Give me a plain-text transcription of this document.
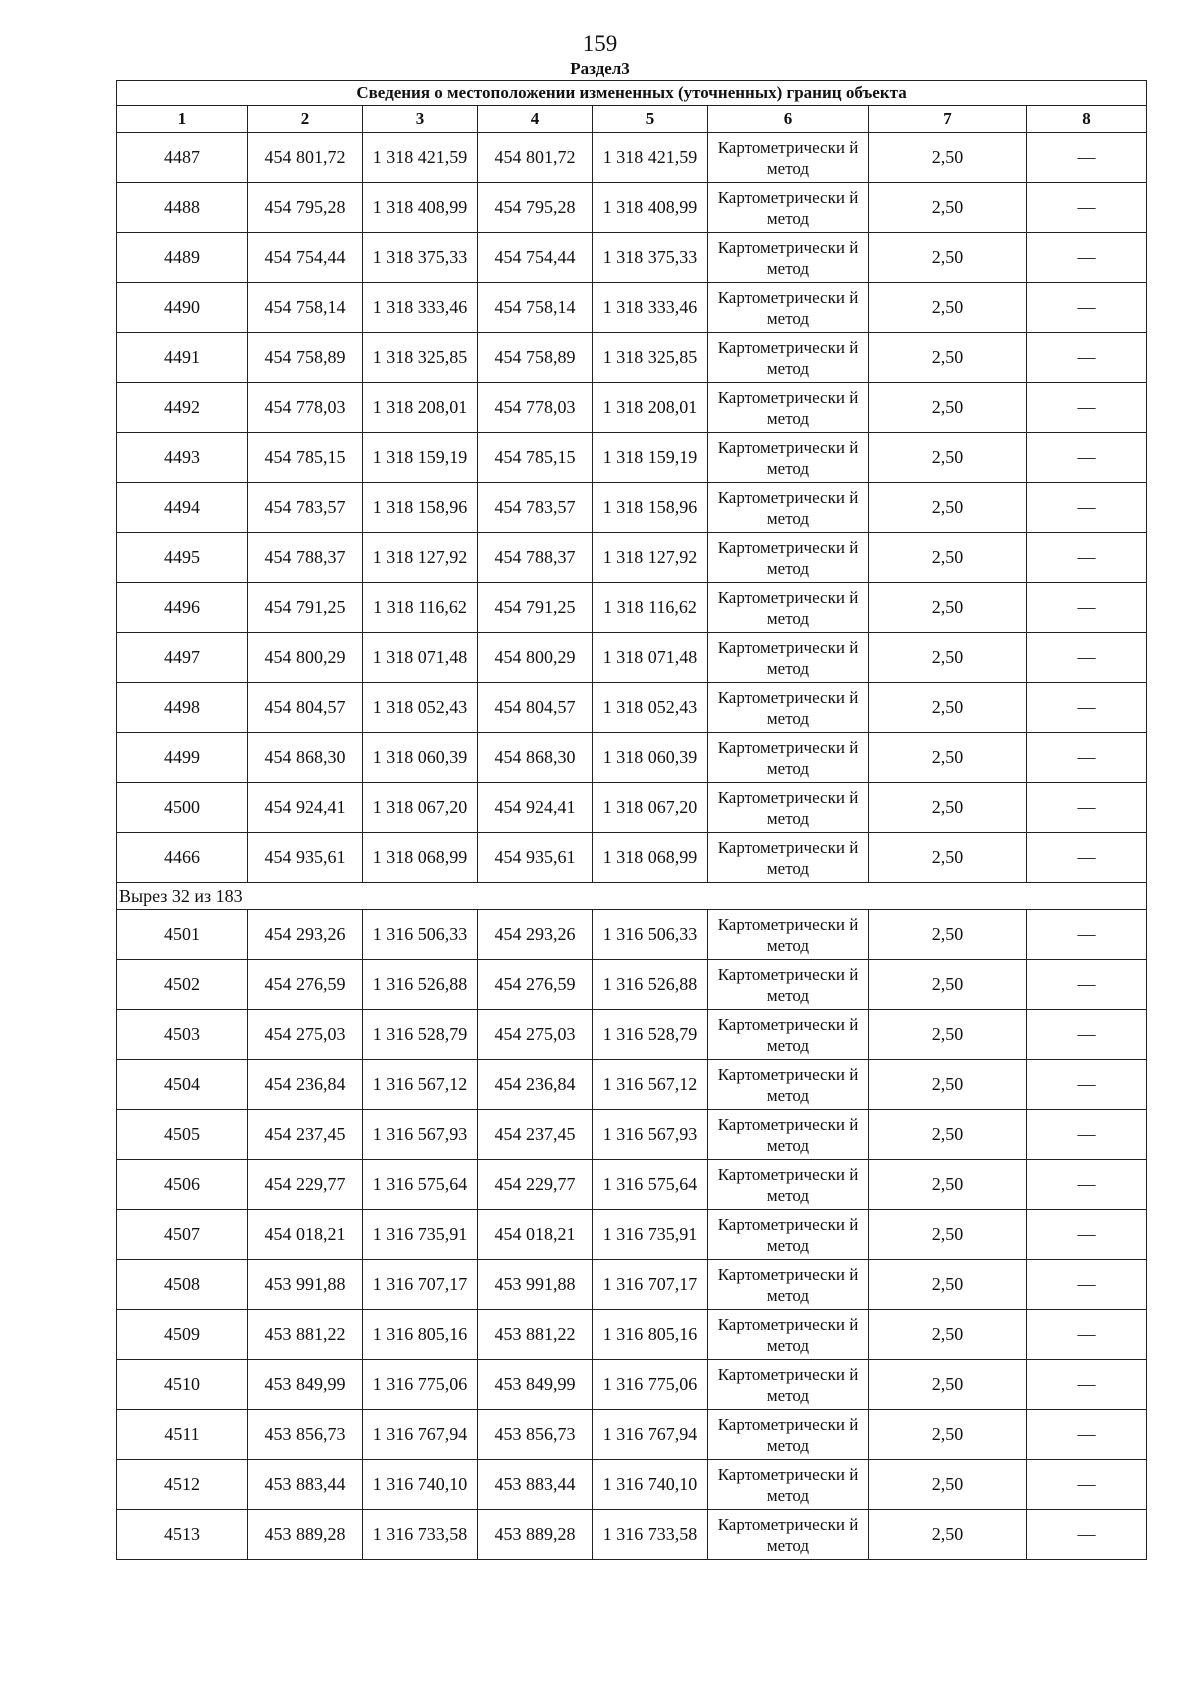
159
Раздел3
Сведения о местоположении измененных (уточненных) границ объекта							
1	2	3	4	5	6	7	8
4487	454 801,72	1 318 421,59	454 801,72	1 318 421,59	Картометрически й метод	2,50	—
4488	454 795,28	1 318 408,99	454 795,28	1 318 408,99	Картометрически й метод	2,50	—
4489	454 754,44	1 318 375,33	454 754,44	1 318 375,33	Картометрически й метод	2,50	—
4490	454 758,14	1 318 333,46	454 758,14	1 318 333,46	Картометрически й метод	2,50	—
4491	454 758,89	1 318 325,85	454 758,89	1 318 325,85	Картометрически й метод	2,50	—
4492	454 778,03	1 318 208,01	454 778,03	1 318 208,01	Картометрически й метод	2,50	—
4493	454 785,15	1 318 159,19	454 785,15	1 318 159,19	Картометрически й метод	2,50	—
4494	454 783,57	1 318 158,96	454 783,57	1 318 158,96	Картометрически й метод	2,50	—
4495	454 788,37	1 318 127,92	454 788,37	1 318 127,92	Картометрически й метод	2,50	—
4496	454 791,25	1 318 116,62	454 791,25	1 318 116,62	Картометрически й метод	2,50	—
4497	454 800,29	1 318 071,48	454 800,29	1 318 071,48	Картометрически й метод	2,50	—
4498	454 804,57	1 318 052,43	454 804,57	1 318 052,43	Картометрически й метод	2,50	—
4499	454 868,30	1 318 060,39	454 868,30	1 318 060,39	Картометрически й метод	2,50	—
4500	454 924,41	1 318 067,20	454 924,41	1 318 067,20	Картометрически й метод	2,50	—
4466	454 935,61	1 318 068,99	454 935,61	1 318 068,99	Картометрически й метод	2,50	—
Вырез 32 из 183							
4501	454 293,26	1 316 506,33	454 293,26	1 316 506,33	Картометрически й метод	2,50	—
4502	454 276,59	1 316 526,88	454 276,59	1 316 526,88	Картометрически й метод	2,50	—
4503	454 275,03	1 316 528,79	454 275,03	1 316 528,79	Картометрически й метод	2,50	—
4504	454 236,84	1 316 567,12	454 236,84	1 316 567,12	Картометрически й метод	2,50	—
4505	454 237,45	1 316 567,93	454 237,45	1 316 567,93	Картометрически й метод	2,50	—
4506	454 229,77	1 316 575,64	454 229,77	1 316 575,64	Картометрически й метод	2,50	—
4507	454 018,21	1 316 735,91	454 018,21	1 316 735,91	Картометрически й метод	2,50	—
4508	453 991,88	1 316 707,17	453 991,88	1 316 707,17	Картометрически й метод	2,50	—
4509	453 881,22	1 316 805,16	453 881,22	1 316 805,16	Картометрически й метод	2,50	—
4510	453 849,99	1 316 775,06	453 849,99	1 316 775,06	Картометрически й метод	2,50	—
4511	453 856,73	1 316 767,94	453 856,73	1 316 767,94	Картометрически й метод	2,50	—
4512	453 883,44	1 316 740,10	453 883,44	1 316 740,10	Картометрически й метод	2,50	—
4513	453 889,28	1 316 733,58	453 889,28	1 316 733,58	Картометрически й метод	2,50	—
